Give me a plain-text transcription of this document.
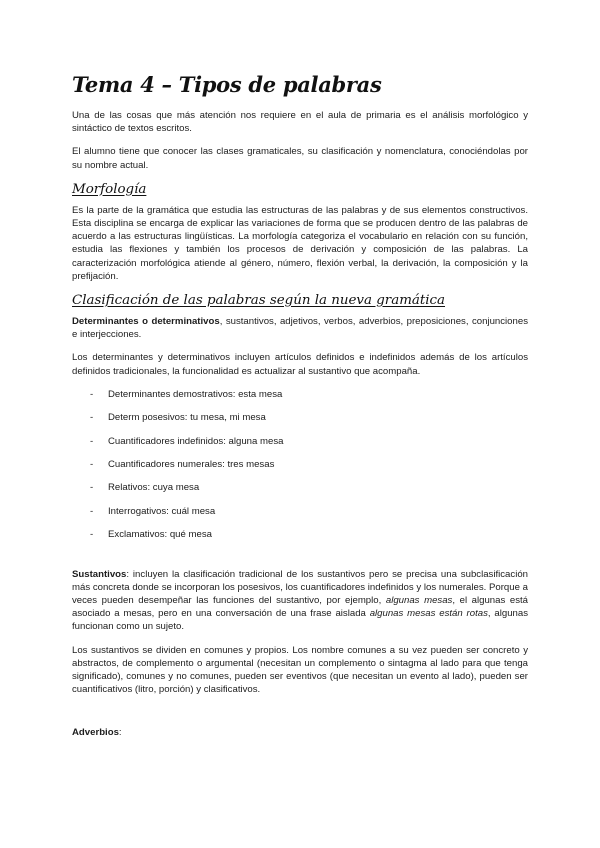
Tema 4 – Tipos de palabras

Una de las cosas que más atención nos requiere en el aula de primaria es el análisis morfológico y sintáctico de textos escritos.

El alumno tiene que conocer las clases gramaticales, su clasificación y nomenclatura, conociéndolas por su nombre actual.

Morfología

Es la parte de la gramática que estudia las estructuras de las palabras y de sus elementos constructivos. Esta disciplina se encarga de explicar las variaciones de forma que se producen dentro de las palabras de acuerdo a las estructuras lingüísticas. La morfología categoriza el vocabulario en relación con su función, estudia las flexiones y también los procesos de derivación y composición de las palabras. La caracterización morfológica atiende al género, número, flexión verbal, la derivación, la composición y la prefijación.

Clasificación de las palabras según la nueva gramática

Determinantes o determinativos, sustantivos, adjetivos, verbos, adverbios, preposiciones, conjunciones e interjecciones.

Los determinantes y determinativos incluyen artículos definidos e indefinidos además de los artículos definidos tradicionales, la funcionalidad es actualizar al sustantivo que acompaña.

- Determinantes demostrativos: esta mesa
- Determ posesivos: tu mesa, mi mesa
- Cuantificadores indefinidos: alguna mesa
- Cuantificadores numerales: tres mesas
- Relativos: cuya mesa
- Interrogativos: cuál mesa
- Exclamativos: qué mesa

Sustantivos: incluyen la clasificación tradicional de los sustantivos pero se precisa una subclasificación más concreta donde se incorporan los posesivos, los cuantificadores indefinidos y los numerales. Porque a veces pueden desempeñar las funciones del sustantivo, por ejemplo, algunas mesas, el algunas está asociado a mesas, pero en una conversación de una frase aislada algunas mesas están rotas, algunas funcionan como un sujeto.

Los sustantivos se dividen en comunes y propios. Los nombre comunes a su vez pueden ser concreto y abstractos, de complemento o argumental (necesitan un complemento o sintagma al lado para que tenga significado), comunes y no comunes, pueden ser eventivos (que necesitan un evento al lado), pueden ser cuantificativos (litro, porción) y clasificativos.

Adverbios:
